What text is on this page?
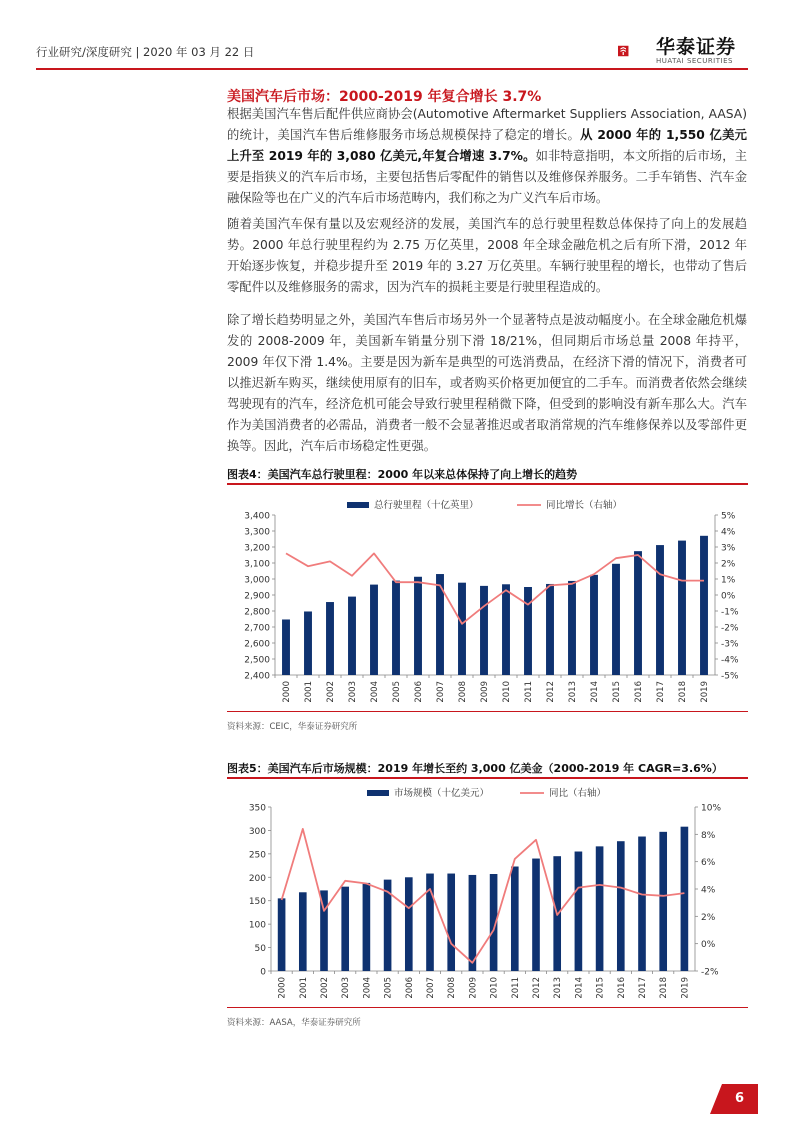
行业研究/深度研究 | 2020 年 03 月 22 日	华泰证券
HUATAI SECURITIES
美国汽车后市场：2000-2019 年复合增长 3.7%

根据美国汽车售后配件供应商协会(Automotive Aftermarket Suppliers Association, AASA)的统计，美国汽车售后维修服务市场总规模保持了稳定的增长。从 2000 年的 1,550 亿美元上升至 2019 年的 3,080 亿美元,年复合增速 3.7%。如非特意指明，本文所指的后市场，主要是指狭义的汽车后市场，主要包括售后零配件的销售以及维修保养服务。二手车销售、汽车金融保险等也在广义的汽车后市场范畴内，我们称之为广义汽车后市场。

随着美国汽车保有量以及宏观经济的发展，美国汽车的总行驶里程数总体保持了向上的发展趋势。2000 年总行驶里程约为 2.75 万亿英里，2008 年全球金融危机之后有所下滑，2012 年开始逐步恢复，并稳步提升至 2019 年的 3.27 万亿英里。车辆行驶里程的增长，也带动了售后零配件以及维修服务的需求，因为汽车的损耗主要是行驶里程造成的。

除了增长趋势明显之外，美国汽车售后市场另外一个显著特点是波动幅度小。在全球金融危机爆发的 2008-2009 年，美国新车销量分别下滑 18/21%，但同期后市场总量 2008 年持平，2009 年仅下滑 1.4%。主要是因为新车是典型的可选消费品，在经济下滑的情况下，消费者可以推迟新车购买，继续使用原有的旧车，或者购买价格更加便宜的二手车。而消费者依然会继续驾驶现有的汽车，经济危机可能会导致行驶里程稍微下降，但受到的影响没有新车那么大。汽车作为美国消费者的必需品，消费者一般不会显著推迟或者取消常规的汽车维修保养以及零部件更换等。因此，汽车后市场稳定性更强。

图表4：美国汽车总行驶里程：2000 年以来总体保持了向上增长的趋势
总行驶里程（十亿英里）	同比增长（右轴）
2,400
2,500
2,600
2,700
2,800
2,900
3,000
3,100
3,200
3,300
3,400
-5%
-4%
-3%
-2%
-1%
0%
1%
2%
3%
4%
5%
2000 2001 2002 2003 2004 2005 2006 2007 2008 2009 2010 2011 2012 2013 2014 2015 2016 2017 2018 2019
资料来源：CEIC，华泰证券研究所
图表5：美国汽车后市场规模：2019 年增长至约 3,000 亿美金（2000-2019 年 CAGR=3.6%）
市场规模（十亿美元）	同比（右轴）
0
50
100
150
200
250
300
350
-2%
0%
2%
4%
6%
8%
10%
2000 2001 2002 2003 2004 2005 2006 2007 2008 2009 2010 2011 2012 2013 2014 2015 2016 2017 2018 2019
资料来源：AASA，华泰证券研究所
6
